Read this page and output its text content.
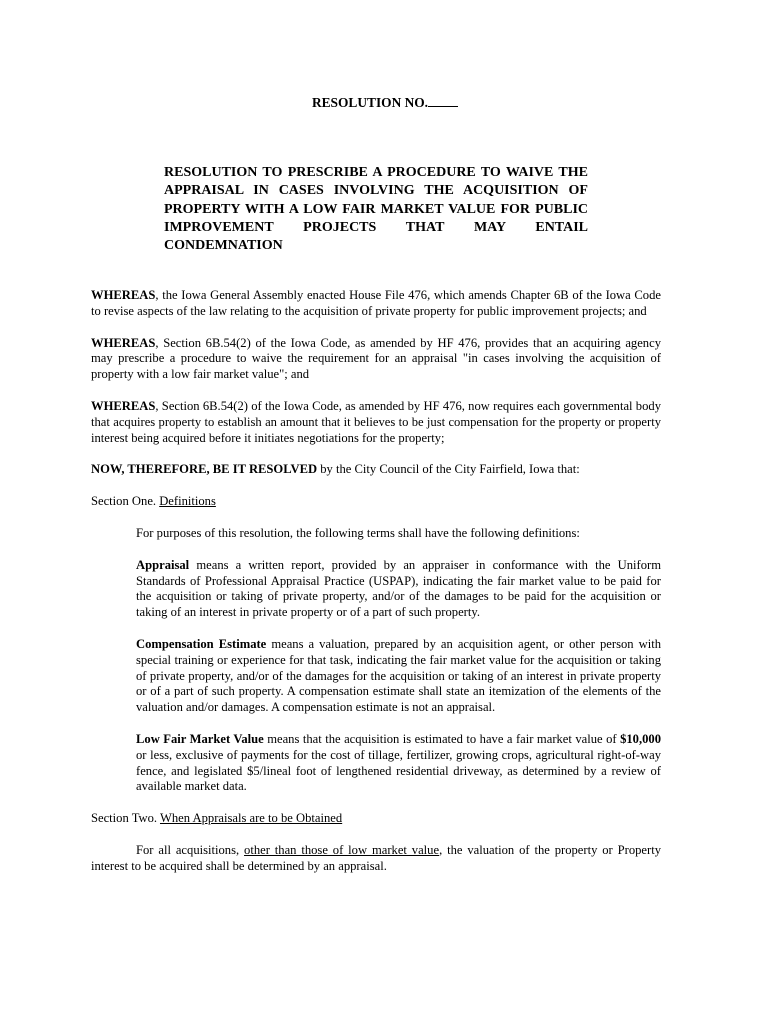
RESOLUTION NO.
RESOLUTION TO PRESCRIBE A PROCEDURE TO WAIVE THE APPRAISAL IN CASES INVOLVING THE ACQUISITION OF PROPERTY WITH A LOW FAIR MARKET VALUE FOR PUBLIC IMPROVEMENT PROJECTS THAT MAY ENTAIL CONDEMNATION

WHEREAS, the Iowa General Assembly enacted House File 476, which amends Chapter 6B of the Iowa Code to revise aspects of the law relating to the acquisition of private property for public improvement projects; and

WHEREAS, Section 6B.54(2) of the Iowa Code, as amended by HF 476, provides that an acquiring agency may prescribe a procedure to waive the requirement for an appraisal "in cases involving the acquisition of property with a low fair market value"; and

WHEREAS, Section 6B.54(2) of the Iowa Code, as amended by HF 476, now requires each governmental body that acquires property to establish an amount that it believes to be just compensation for the property or property interest being acquired before it initiates negotiations for the property;

NOW, THEREFORE, BE IT RESOLVED by the City Council of the City Fairfield, Iowa that:

Section One. Definitions

For purposes of this resolution, the following terms shall have the following definitions:

Appraisal means a written report, provided by an appraiser in conformance with the Uniform Standards of Professional Appraisal Practice (USPAP), indicating the fair market value to be paid for the acquisition or taking of private property, and/or of the damages to be paid for the acquisition or taking of an interest in private property or of a part of such property.

Compensation Estimate means a valuation, prepared by an acquisition agent, or other person with special training or experience for that task, indicating the fair market value for the acquisition or taking of private property, and/or of the damages for the acquisition or taking of an interest in private property or of a part of such property. A compensation estimate shall state an itemization of the elements of the valuation and/or damages. A compensation estimate is not an appraisal.

Low Fair Market Value means that the acquisition is estimated to have a fair market value of $10,000 or less, exclusive of payments for the cost of tillage, fertilizer, growing crops, agricultural right-of-way fence, and legislated $5/lineal foot of lengthened residential driveway, as determined by a review of available market data.

Section Two. When Appraisals are to be Obtained

For all acquisitions, other than those of low market value, the valuation of the property or Property interest to be acquired shall be determined by an appraisal.
